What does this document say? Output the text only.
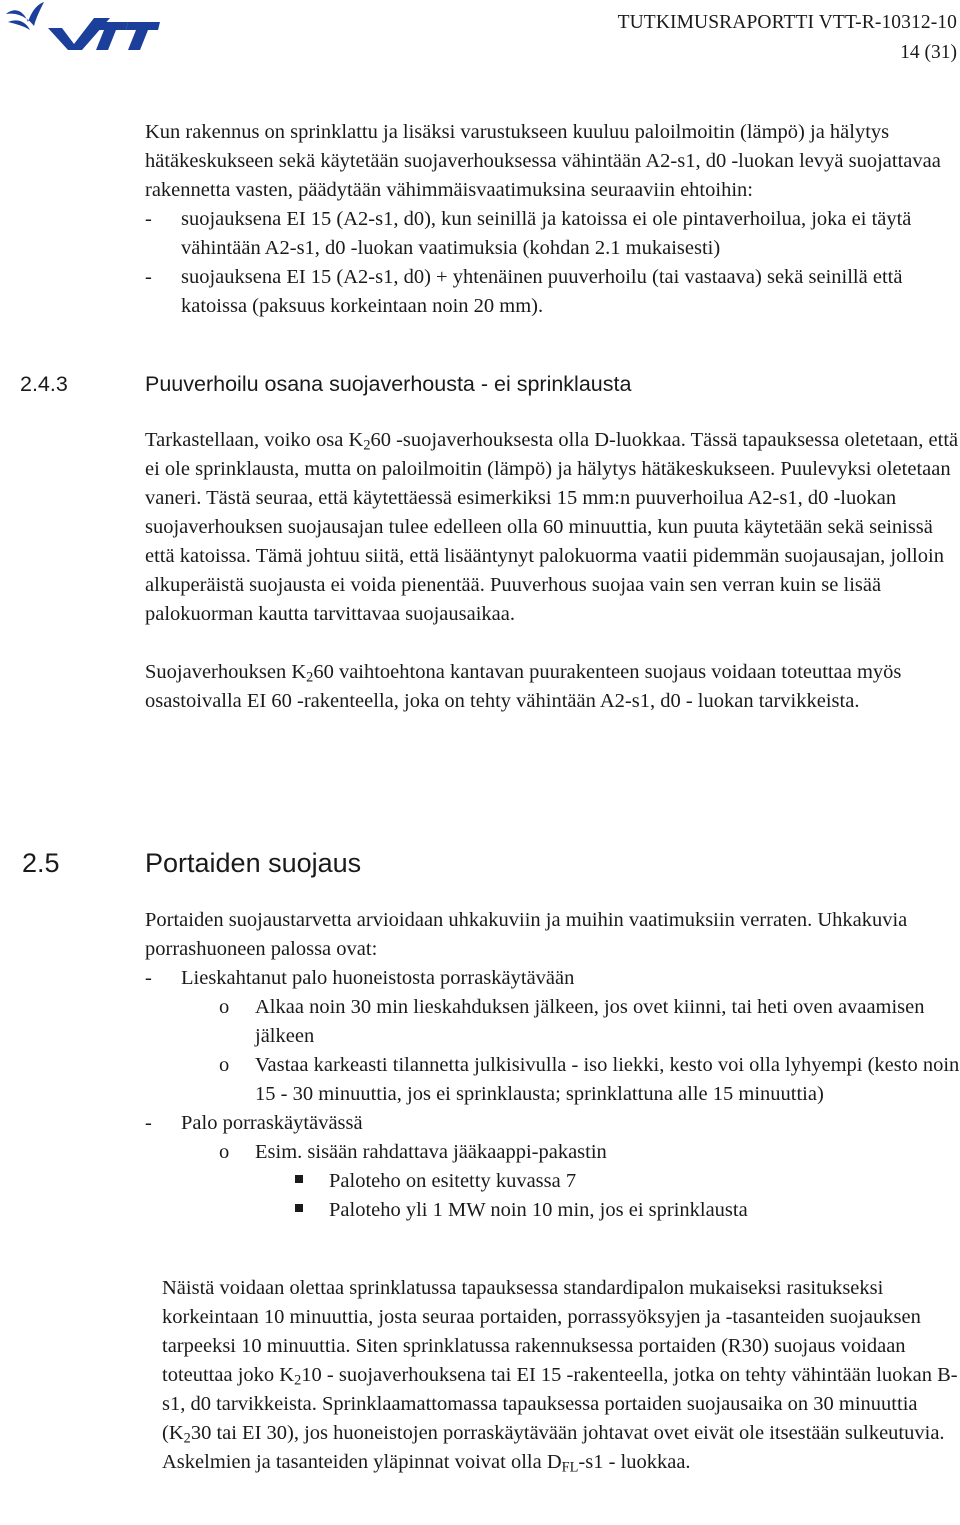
TUTKIMUSRAPORTTI VTT-R-10312-10
14 (31)

Kun rakennus on sprinklattu ja lisäksi varustukseen kuuluu paloilmoitin (lämpö) ja hälytys hätäkeskukseen sekä käytetään suojaverhouksessa vähintään A2-s1, d0 -luokan levyä suojattavaa rakennetta vasten, päädytään vähimmäisvaatimuksina seuraaviin ehtoihin:

- suojauksena EI 15 (A2-s1, d0), kun seinillä ja katoissa ei ole pintaverhoilua, joka ei täytä vähintään A2-s1, d0 -luokan vaatimuksia (kohdan 2.1 mukaisesti)
- suojauksena EI 15 (A2-s1, d0) + yhtenäinen puuverhoilu (tai vastaava) sekä seinillä että katoissa (paksuus korkeintaan noin 20 mm).
2.4.3	Puuverhoilu osana suojaverhousta - ei sprinklausta

Tarkastellaan, voiko osa $K_260$ -suojaverhouksesta olla D-luokkaa. Tässä tapauksessa oletetaan, että ei ole sprinklausta, mutta on paloilmoitin (lämpö) ja hälytys hätäkeskukseen. Puulevyksi oletetaan vaneri. Tästä seuraa, että käytettäessä esimerkiksi 15 mm:n puuverhoilua A2-s1, d0 -luokan suojaverhouksen suojausajan tulee edelleen olla 60 minuuttia, kun puuta käytetään sekä seinissä että katoissa. Tämä johtuu siitä, että lisääntynyt palokuorma vaatii pidemmän suojausajan, jolloin alkuperäistä suojausta ei voida pienentää. Puuverhous suojaa vain sen verran kuin se lisää palokuorman kautta tarvittavaa suojausaikaa.

Suojaverhouksen $K_260$ vaihtoehtona kantavan puurakenteen suojaus voidaan toteuttaa myös osastoivalla EI 60 -rakenteella, joka on tehty vähintään A2-s1, d0 - luokan tarvikkeista.

2.5	Portaiden suojaus

Portaiden suojaustarvetta arvioidaan uhkakuviin ja muihin vaatimuksiin verraten. Uhkakuvia porrashuoneen palossa ovat:

- Lieskahtanut palo huoneistosta porraskäytävään
o Alkaa noin 30 min lieskahduksen jälkeen, jos ovet kiinni, tai heti oven avaamisen jälkeen
o Vastaa karkeasti tilannetta julkisivulla - iso liekki, kesto voi olla lyhyempi (kesto noin 15 - 30 minuuttia, jos ei sprinklausta; sprinklattuna alle 15 minuuttia)
- Palo porraskäytävässä
o Esim. sisään rahdattava jääkaappi-pakastin
Paloteho on esitetty kuvassa 7
Paloteho yli 1 MW noin 10 min, jos ei sprinklausta

Näistä voidaan olettaa sprinklatussa tapauksessa standardipalon mukaiseksi rasitukseksi korkeintaan 10 minuuttia, josta seuraa portaiden, porrassyöksyjen ja -tasanteiden suojauksen tarpeeksi 10 minuuttia. Siten sprinklatussa rakennuksessa portaiden (R30) suojaus voidaan toteuttaa joko $K_210$ - suojaverhouksena tai EI 15 -rakenteella, jotka on tehty vähintään luokan B-s1, d0 tarvikkeista. Sprinklaamattomassa tapauksessa portaiden suojausaika on 30 minuuttia ($K_230$ tai EI 30), jos huoneistojen porraskäytävään johtavat ovet eivät ole itsestään sulkeutuvia. Askelmien ja tasanteiden yläpinnat voivat olla $D_{FL}-s1$ - luokkaa.
